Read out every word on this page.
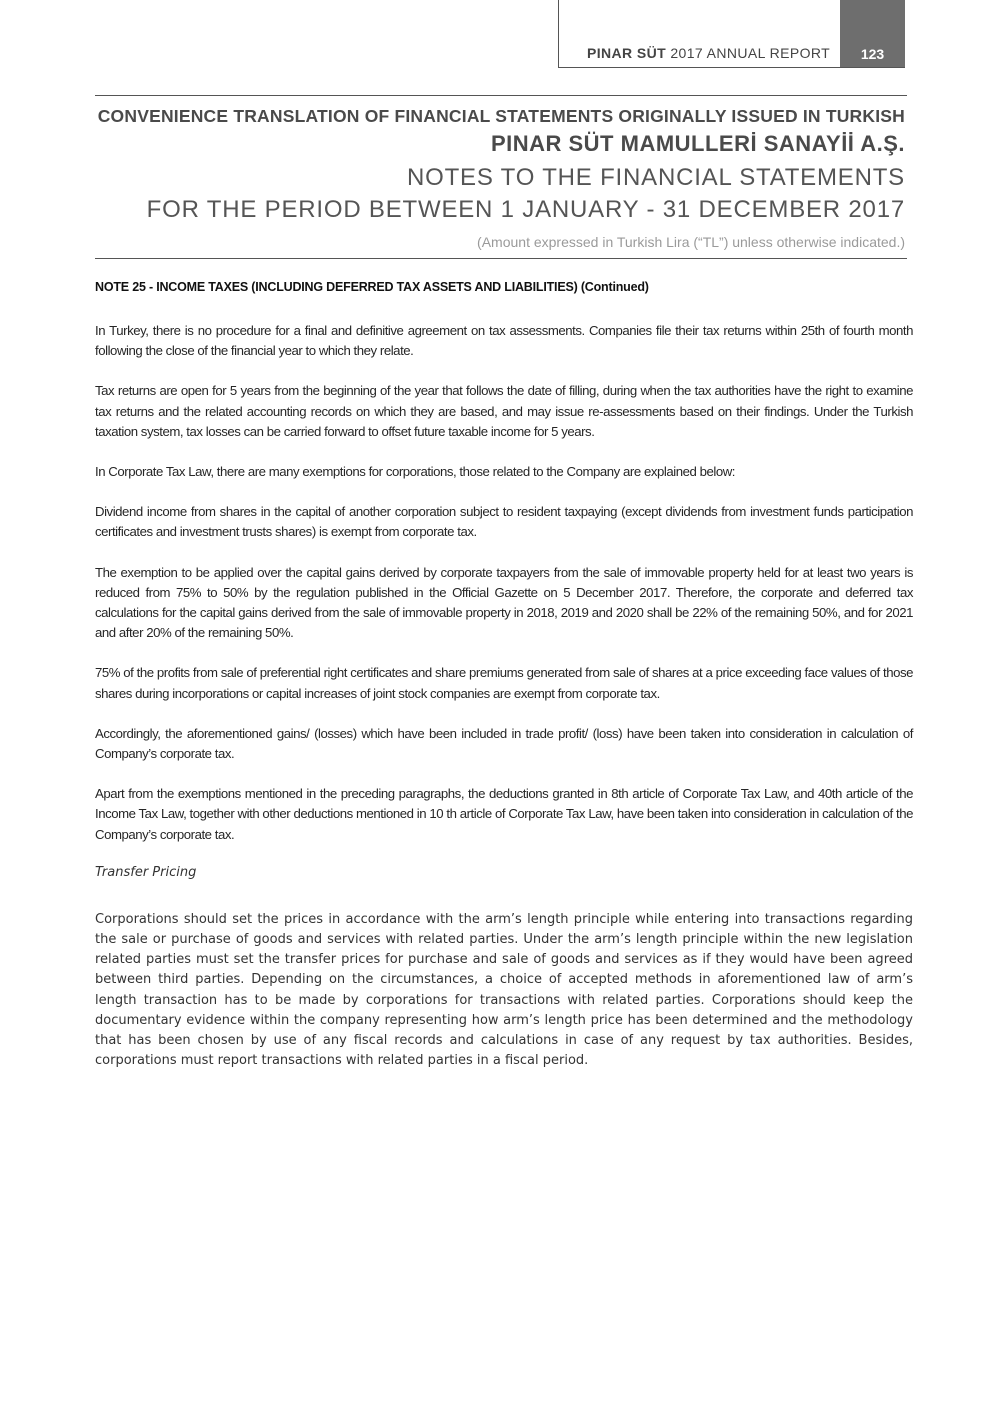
PINAR SÜT 2017 ANNUAL REPORT	123
CONVENIENCE TRANSLATION OF FINANCIAL STATEMENTS ORIGINALLY ISSUED IN TURKISH
PINAR SÜT MAMULLERİ SANAYİİ A.Ş.
NOTES TO THE FINANCIAL STATEMENTS
FOR THE PERIOD BETWEEN 1 JANUARY - 31 DECEMBER 2017
(Amount expressed in Turkish Lira (“TL”) unless otherwise indicated.)
NOTE 25 - INCOME TAXES (INCLUDING DEFERRED TAX ASSETS AND LIABILITIES) (Continued)

In Turkey, there is no procedure for a final and definitive agreement on tax assessments. Companies file their tax returns within 25th of fourth month following the close of the financial year to which they relate.

Tax returns are open for 5 years from the beginning of the year that follows the date of filling, during when the tax authorities have the right to examine tax returns and the related accounting records on which they are based, and may issue re-assessments based on their findings. Under the Turkish taxation system, tax losses can be carried forward to offset future taxable income for 5 years.

In Corporate Tax Law, there are many exemptions for corporations, those related to the Company are explained below:

Dividend income from shares in the capital of another corporation subject to resident taxpaying (except dividends from investment funds participation certificates and investment trusts shares) is exempt from corporate tax.

The exemption to be applied over the capital gains derived by corporate taxpayers from the sale of immovable property held for at least two years is reduced from 75% to 50% by the regulation published in the Official Gazette on 5 December 2017. Therefore, the corporate and deferred tax calculations for the capital gains derived from the sale of immovable property in 2018, 2019 and 2020 shall be 22% of the remaining 50%, and for 2021 and after 20% of the remaining 50%.

75% of the profits from sale of preferential right certificates and share premiums generated from sale of shares at a price exceeding face values of those shares during incorporations or capital increases of joint stock companies are exempt from corporate tax.

Accordingly, the aforementioned gains/ (losses) which have been included in trade profit/ (loss) have been taken into consideration in calculation of Company’s corporate tax.

Apart from the exemptions mentioned in the preceding paragraphs, the deductions granted in 8th article of Corporate Tax Law, and 40th article of the Income Tax Law, together with other deductions mentioned in 10 th article of Corporate Tax Law, have been taken into consideration in calculation of the Company’s corporate tax.

Transfer Pricing

Corporations should set the prices in accordance with the arm’s length principle while entering into transactions regarding the sale or purchase of goods and services with related parties. Under the arm’s length principle within the new legislation related parties must set the transfer prices for purchase and sale of goods and services as if they would have been agreed between third parties. Depending on the circumstances, a choice of accepted methods in aforementioned law of arm’s length transaction has to be made by corporations for transactions with related parties. Corporations should keep the documentary evidence within the company representing how arm’s length price has been determined and the methodology that has been chosen by use of any fiscal records and calculations in case of any request by tax authorities. Besides, corporations must report transactions with related parties in a fiscal period.
